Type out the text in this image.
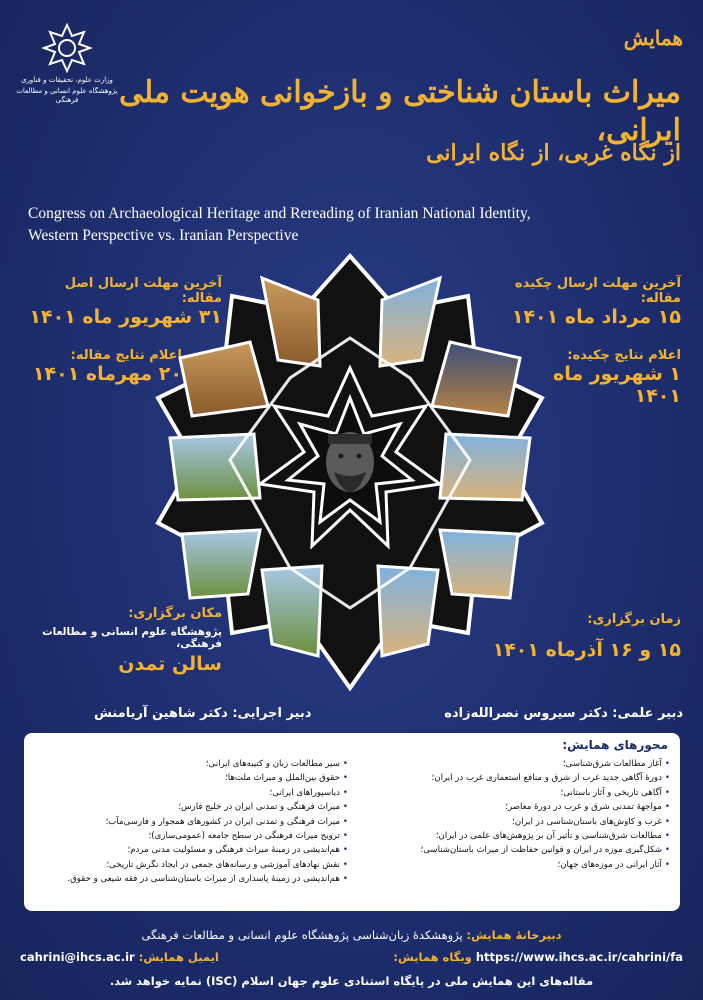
وزارت علوم، تحقیقات و فناوری
پژوهشگاه علوم انسانی و مطالعات فرهنگی
همایش
میراث باستان شناختی و بازخوانی هویت ملی ایرانی،
از نگاه غربی، از نگاه ایرانی
Congress on Archaeological Heritage and Rereading of Iranian National Identity,
Western Perspective vs. Iranian Perspective
آخرین مهلت ارسال اصل مقاله:
۳۱ شهریور ماه ۱۴۰۱
اعلام نتایج مقاله:
۲۰ مهرماه ۱۴۰۱
آخرین مهلت ارسال چکیده مقاله:
۱۵ مرداد ماه ۱۴۰۱
اعلام نتایج چکیده:
۱ شهریور ماه ۱۴۰۱
مکان برگزاری:
پژوهشگاه علوم انسانی و مطالعات فرهنگی،
سالن تمدن
زمان برگزاری:
۱۵ و ۱۶ آذرماه ۱۴۰۱
دبیر علمی: دکتر سیروس نصرالله‌زاده
دبیر اجرایی: دکتر شاهین آریامنش
محورهای همایش:
• آغاز مطالعات شرق‌شناسی؛
• دورهٔ آگاهی جدید غرب از شرق و منافع استعماری غرب در ایران؛
• آگاهی تاریخی و آثار باستانی؛
• مواجههٔ تمدنی شرق و غرب در دورهٔ معاصر؛
• غرب و کاوش‌های باستان‌شناسی در ایران؛
• مطالعات شرق‌شناسی و تأثیر آن بر پژوهش‌های علمی در ایران؛
• شکل‌گیری موزه در ایران و قوانین حفاظت از میراث باستان‌شناسی؛
• آثار ایرانی در موزه‌های جهان؛
• سیر مطالعات زبان و کتیبه‌های ایرانی؛
• حقوق بین‌الملل و میراث ملت‌ها؛
• دیاسپوراهای ایرانی؛
• میراث فرهنگی و تمدنی ایران در خلیج فارس؛
• میراث فرهنگی و تمدنی ایران در کشورهای همجوار و فارسی‌مآب؛
• ترویج میراث فرهنگی در سطح جامعه (عمومی‌سازی)؛
• هم‌اندیشی در زمینهٔ میراث فرهنگی و مسئولیت مدنی مردم؛
• نقش نهادهای آموزشی و رسانه‌های جمعی در ایجاد نگرش تاریخی؛
• هم‌اندیشی در زمینهٔ پاسداری از میراث باستان‌شناسی در فقه شیعی و حقوق.
دبیرخانهٔ همایش: پژوهشکدهٔ زبان‌شناسی پژوهشگاه علوم انسانی و مطالعات فرهنگی
وبگاه همایش: https://www.ihcs.ac.ir/cahrini/fa
cahrini@ihcs.ac.ir ایمیل همایش:
مقاله‌های این همایش ملی در پایگاه استنادی علوم جهان اسلام (ISC) نمایه خواهد شد.
